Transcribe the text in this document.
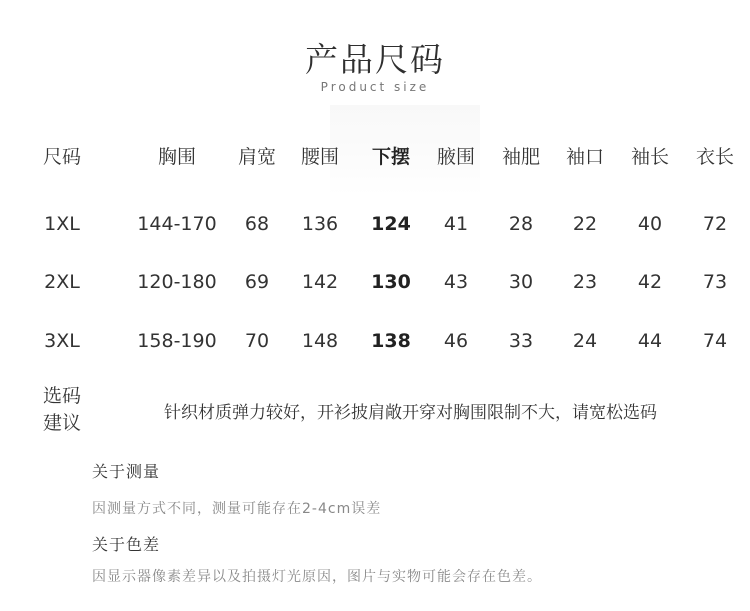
产品尺码
Product size
尺码	胸围 肩宽 腰围 下摆 腋围 袖肥 袖口 袖长 衣长
1XL	144-170 68 136 124 41 28 22 40 72
2XL	120-180 69 142 130 43 30 23 42 73
3XL	158-190 70 148 138 46 33 24 44 74
选码
建议	针织材质弹力较好，开衫披肩敞开穿对胸围限制不大，请宽松选码
关于测量
因测量方式不同，测量可能存在2-4cm误差
关于色差
因显示器像素差异以及拍摄灯光原因，图片与实物可能会存在色差。
